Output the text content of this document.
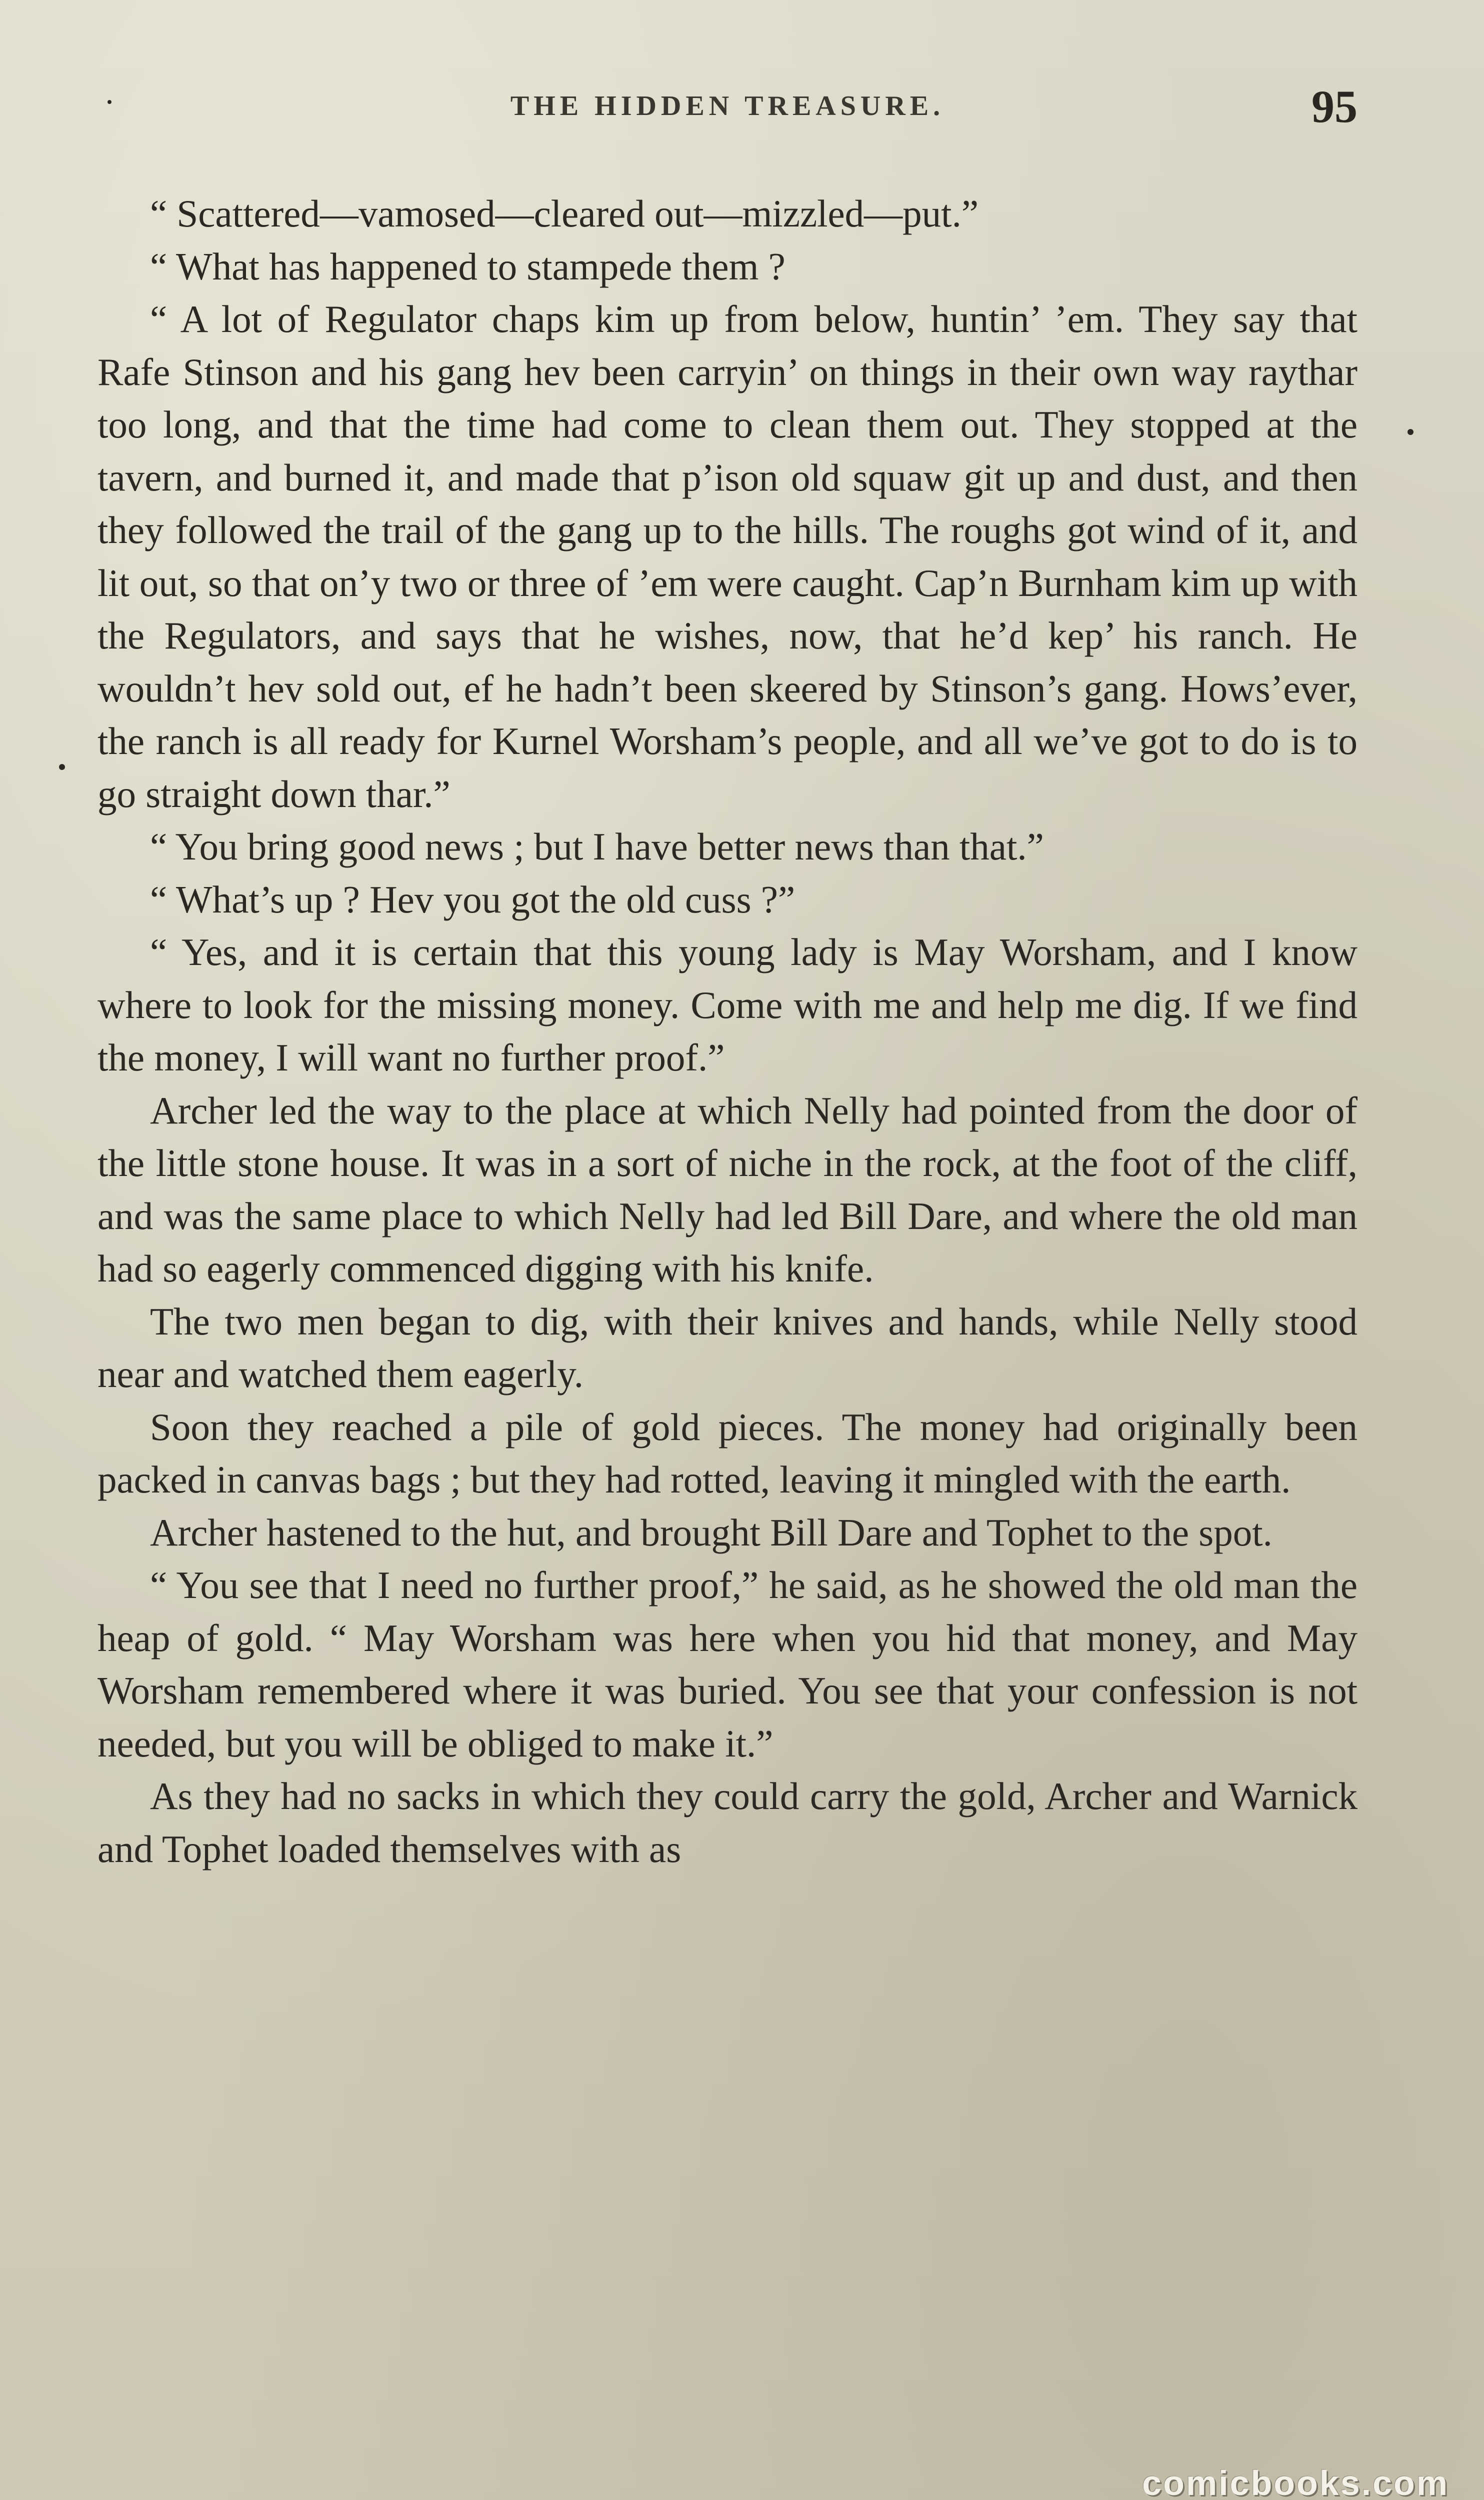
THE HIDDEN TREASURE.	95

“ Scattered—vamosed—cleared out—mizzled—put.”

“ What has happened to stampede them ?

“ A lot of Regulator chaps kim up from below, huntin’ ’em. They say that Rafe Stinson and his gang hev been carryin’ on things in their own way raythar too long, and that the time had come to clean them out. They stopped at the tavern, and burned it, and made that p’ison old squaw git up and dust, and then they followed the trail of the gang up to the hills. The roughs got wind of it, and lit out, so that on’y two or three of ’em were caught. Cap’n Burnham kim up with the Regulators, and says that he wishes, now, that he’d kep’ his ranch. He wouldn’t hev sold out, ef he hadn’t been skeered by Stinson’s gang. Hows’ever, the ranch is all ready for Kurnel Worsham’s people, and all we’ve got to do is to go straight down thar.”

“ You bring good news ; but I have better news than that.”

“ What’s up ? Hev you got the old cuss ?”

“ Yes, and it is certain that this young lady is May Worsham, and I know where to look for the missing money. Come with me and help me dig. If we find the money, I will want no further proof.”

Archer led the way to the place at which Nelly had pointed from the door of the little stone house. It was in a sort of niche in the rock, at the foot of the cliff, and was the same place to which Nelly had led Bill Dare, and where the old man had so eagerly commenced digging with his knife.

The two men began to dig, with their knives and hands, while Nelly stood near and watched them eagerly.

Soon they reached a pile of gold pieces. The money had originally been packed in canvas bags ; but they had rotted, leaving it mingled with the earth.

Archer hastened to the hut, and brought Bill Dare and Tophet to the spot.

“ You see that I need no further proof,” he said, as he showed the old man the heap of gold. “ May Worsham was here when you hid that money, and May Worsham remembered where it was buried. You see that your confession is not needed, but you will be obliged to make it.”

As they had no sacks in which they could carry the gold, Archer and Warnick and Tophet loaded themselves with as

comicbooks.com
